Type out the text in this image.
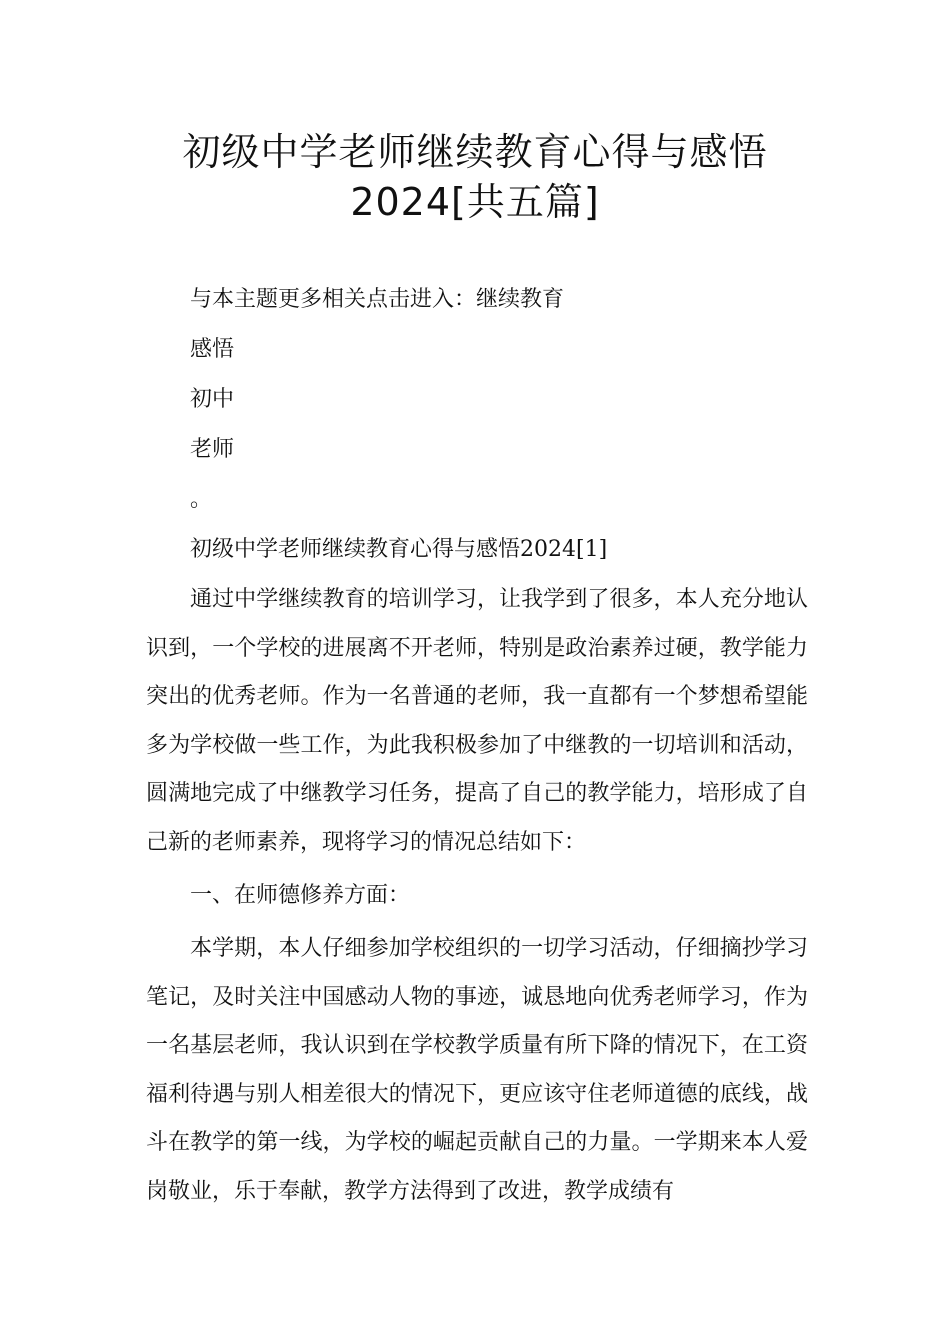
初级中学老师继续教育心得与感悟
2024[共五篇]
与本主题更多相关点击进入：继续教育
感悟
初中
老师
。
初级中学老师继续教育心得与感悟2024[1]

通过中学继续教育的培训学习，让我学到了很多，本人充分地认识到，一个学校的进展离不开老师，特别是政治素养过硬，教学能力突出的优秀老师。作为一名普通的老师，我一直都有一个梦想希望能多为学校做一些工作，为此我积极参加了中继教的一切培训和活动，圆满地完成了中继教学习任务，提高了自己的教学能力，培形成了自己新的老师素养，现将学习的情况总结如下：

一、在师德修养方面：

本学期，本人仔细参加学校组织的一切学习活动，仔细摘抄学习笔记，及时关注中国感动人物的事迹，诚恳地向优秀老师学习，作为一名基层老师，我认识到在学校教学质量有所下降的情况下，在工资福利待遇与别人相差很大的情况下，更应该守住老师道德的底线，战斗在教学的第一线，为学校的崛起贡献自己的力量。一学期来本人爱岗敬业，乐于奉献，教学方法得到了改进，教学成绩有
